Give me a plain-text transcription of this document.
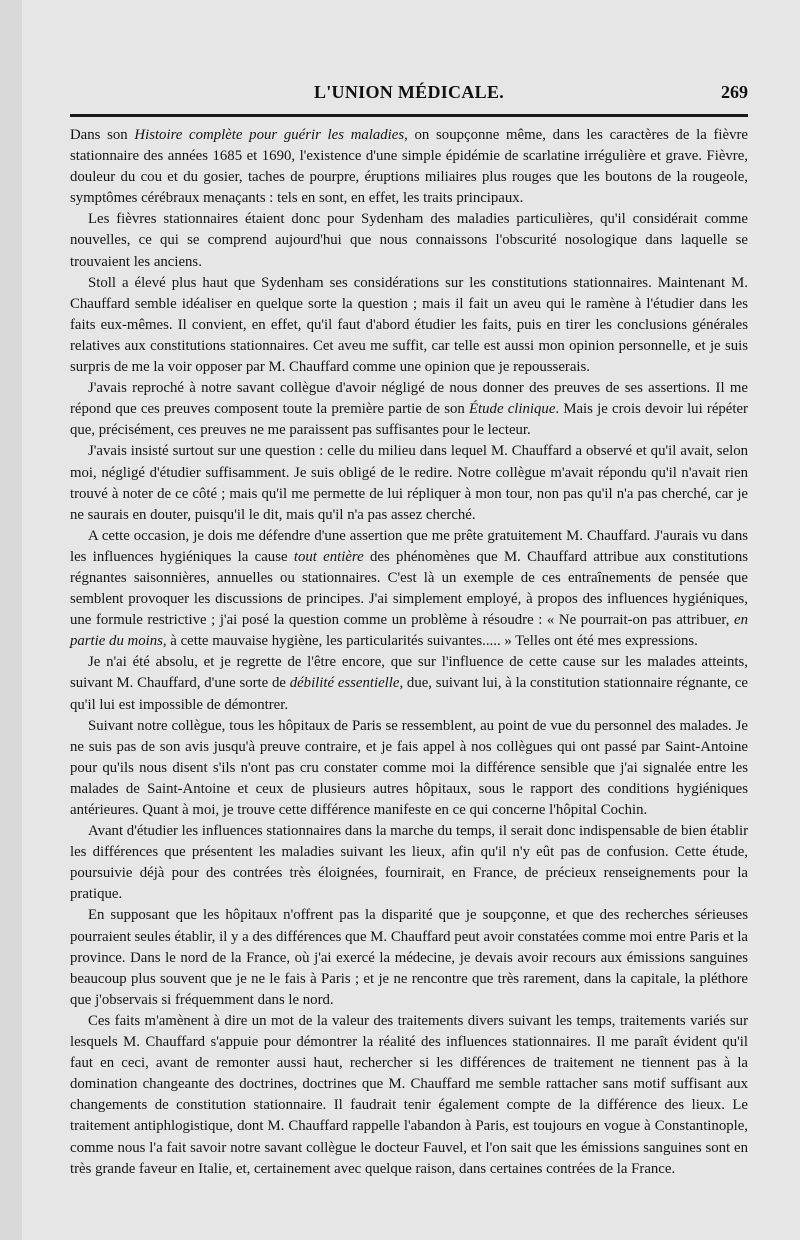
L'UNION MÉDICALE.	269

Dans son Histoire complète pour guérir les maladies, on soupçonne même, dans les caractères de la fièvre stationnaire des années 1685 et 1690, l'existence d'une simple épidémie de scarlatine irrégulière et grave. Fièvre, douleur du cou et du gosier, taches de pourpre, éruptions miliaires plus rouges que les boutons de la rougeole, symptômes cérébraux menaçants : tels en sont, en effet, les traits principaux.

Les fièvres stationnaires étaient donc pour Sydenham des maladies particulières, qu'il considérait comme nouvelles, ce qui se comprend aujourd'hui que nous connaissons l'obscurité nosologique dans laquelle se trouvaient les anciens.

Stoll a élevé plus haut que Sydenham ses considérations sur les constitutions stationnaires. Maintenant M. Chauffard semble idéaliser en quelque sorte la question ; mais il fait un aveu qui le ramène à l'étudier dans les faits eux-mêmes. Il convient, en effet, qu'il faut d'abord étudier les faits, puis en tirer les conclusions générales relatives aux constitutions stationnaires. Cet aveu me suffit, car telle est aussi mon opinion personnelle, et je suis surpris de me la voir opposer par M. Chauffard comme une opinion que je repousserais.

J'avais reproché à notre savant collègue d'avoir négligé de nous donner des preuves de ses assertions. Il me répond que ces preuves composent toute la première partie de son Étude clinique. Mais je crois devoir lui répéter que, précisément, ces preuves ne me paraissent pas suffisantes pour le lecteur.

J'avais insisté surtout sur une question : celle du milieu dans lequel M. Chauffard a observé et qu'il avait, selon moi, négligé d'étudier suffisamment. Je suis obligé de le redire. Notre collègue m'avait répondu qu'il n'avait rien trouvé à noter de ce côté ; mais qu'il me permette de lui répliquer à mon tour, non pas qu'il n'a pas cherché, car je ne saurais en douter, puisqu'il le dit, mais qu'il n'a pas assez cherché.

A cette occasion, je dois me défendre d'une assertion que me prête gratuitement M. Chauffard. J'aurais vu dans les influences hygiéniques la cause tout entière des phénomènes que M. Chauffard attribue aux constitutions régnantes saisonnières, annuelles ou stationnaires. C'est là un exemple de ces entraînements de pensée que semblent provoquer les discussions de principes. J'ai simplement employé, à propos des influences hygiéniques, une formule restrictive ; j'ai posé la question comme un problème à résoudre : « Ne pourrait-on pas attribuer, en partie du moins, à cette mauvaise hygiène, les particularités suivantes..... » Telles ont été mes expressions.

Je n'ai été absolu, et je regrette de l'être encore, que sur l'influence de cette cause sur les malades atteints, suivant M. Chauffard, d'une sorte de débilité essentielle, due, suivant lui, à la constitution stationnaire régnante, ce qu'il lui est impossible de démontrer.

Suivant notre collègue, tous les hôpitaux de Paris se ressemblent, au point de vue du personnel des malades. Je ne suis pas de son avis jusqu'à preuve contraire, et je fais appel à nos collègues qui ont passé par Saint-Antoine pour qu'ils nous disent s'ils n'ont pas cru constater comme moi la différence sensible que j'ai signalée entre les malades de Saint-Antoine et ceux de plusieurs autres hôpitaux, sous le rapport des conditions hygiéniques antérieures. Quant à moi, je trouve cette différence manifeste en ce qui concerne l'hôpital Cochin.

Avant d'étudier les influences stationnaires dans la marche du temps, il serait donc indispensable de bien établir les différences que présentent les maladies suivant les lieux, afin qu'il n'y eût pas de confusion. Cette étude, poursuivie déjà pour des contrées très éloignées, fournirait, en France, de précieux renseignements pour la pratique.

En supposant que les hôpitaux n'offrent pas la disparité que je soupçonne, et que des recherches sérieuses pourraient seules établir, il y a des différences que M. Chauffard peut avoir constatées comme moi entre Paris et la province. Dans le nord de la France, où j'ai exercé la médecine, je devais avoir recours aux émissions sanguines beaucoup plus souvent que je ne le fais à Paris ; et je ne rencontre que très rarement, dans la capitale, la pléthore que j'observais si fréquemment dans le nord.

Ces faits m'amènent à dire un mot de la valeur des traitements divers suivant les temps, traitements variés sur lesquels M. Chauffard s'appuie pour démontrer la réalité des influences stationnaires. Il me paraît évident qu'il faut en ceci, avant de remonter aussi haut, rechercher si les différences de traitement ne tiennent pas à la domination changeante des doctrines, doctrines que M. Chauffard me semble rattacher sans motif suffisant aux changements de constitution stationnaire. Il faudrait tenir également compte de la différence des lieux. Le traitement antiphlogistique, dont M. Chauffard rappelle l'abandon à Paris, est toujours en vogue à Constantinople, comme nous l'a fait savoir notre savant collègue le docteur Fauvel, et l'on sait que les émissions sanguines sont en très grande faveur en Italie, et, certainement avec quelque raison, dans certaines contrées de la France.
